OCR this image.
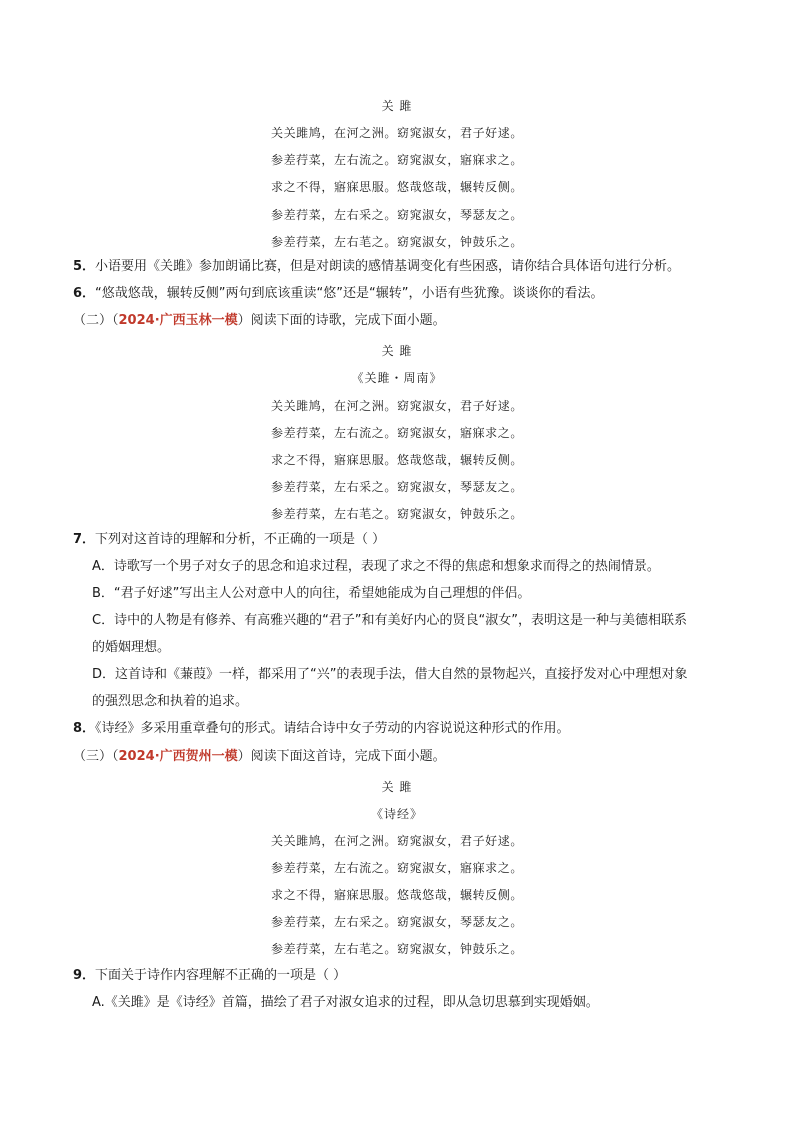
关 雎
关关雎鸠，在河之洲。窈窕淑女，君子好逑。
参差荇菜，左右流之。窈窕淑女，寤寐求之。
求之不得，寤寐思服。悠哉悠哉，辗转反侧。
参差荇菜，左右采之。窈窕淑女，琴瑟友之。
参差荇菜，左右芼之。窈窕淑女，钟鼓乐之。
5．小语要用《关雎》参加朗诵比赛，但是对朗读的感情基调变化有些困惑，请你结合具体语句进行分析。
6．“悠哉悠哉，辗转反侧”两句到底该重读“悠”还是“辗转”，小语有些犹豫。谈谈你的看法。
（二）（2024·广西玉林一模）阅读下面的诗歌，完成下面小题。
关 雎
《关雎・周南》
关关雎鸠，在河之洲。窈窕淑女，君子好逑。
参差荇菜，左右流之。窈窕淑女，寤寐求之。
求之不得，寤寐思服。悠哉悠哉，辗转反侧。
参差荇菜，左右采之。窈窕淑女，琴瑟友之。
参差荇菜，左右芼之。窈窕淑女，钟鼓乐之。
7．下列对这首诗的理解和分析，不正确的一项是（ ）
A．诗歌写一个男子对女子的思念和追求过程，表现了求之不得的焦虑和想象求而得之的热闹情景。
B．“君子好逑”写出主人公对意中人的向往，希望她能成为自己理想的伴侣。
C．诗中的人物是有修养、有高雅兴趣的“君子”和有美好内心的贤良“淑女”，表明这是一种与美德相联系
的婚姻理想。
D．这首诗和《蒹葭》一样，都采用了“兴”的表现手法，借大自然的景物起兴，直接抒发对心中理想对象
的强烈思念和执着的追求。
8．《诗经》多采用重章叠句的形式。请结合诗中女子劳动的内容说说这种形式的作用。
（三）（2024·广西贺州一模）阅读下面这首诗，完成下面小题。
关 雎
《诗经》
关关雎鸠，在河之洲。窈窕淑女，君子好逑。
参差荇菜，左右流之。窈窕淑女，寤寐求之。
求之不得，寤寐思服。悠哉悠哉，辗转反侧。
参差荇菜，左右采之。窈窕淑女，琴瑟友之。
参差荇菜，左右芼之。窈窕淑女，钟鼓乐之。
9．下面关于诗作内容理解不正确的一项是（ ）
A.《关雎》是《诗经》首篇，描绘了君子对淑女追求的过程，即从急切思慕到实现婚姻。
